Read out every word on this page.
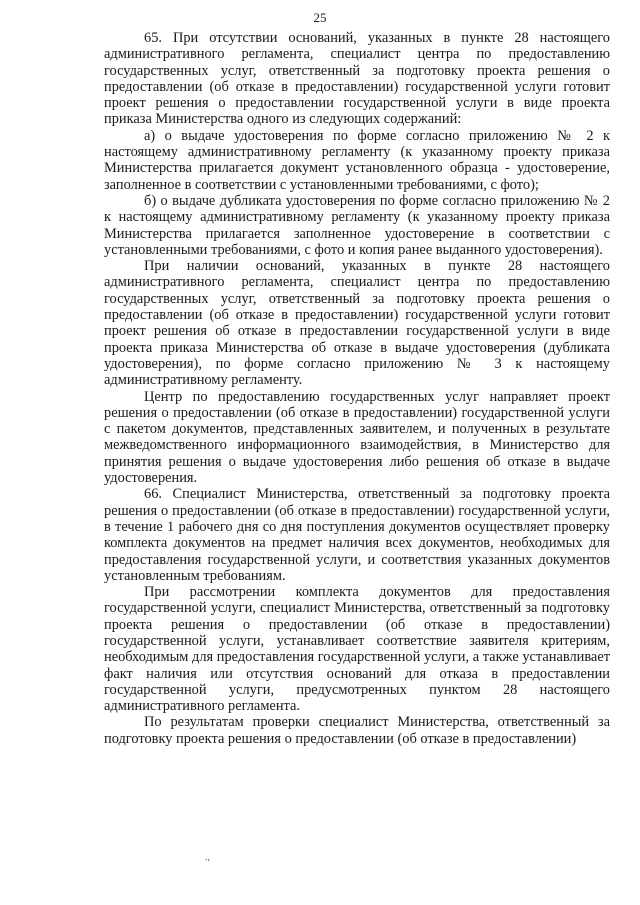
25

65. При отсутствии оснований, указанных в пункте 28 настоящего административного регламента, специалист центра по предоставлению государственных услуг, ответственный за подготовку проекта решения о предоставлении (об отказе в предоставлении) государственной услуги готовит проект решения о предоставлении государственной услуги в виде проекта приказа Министерства одного из следующих содержаний:

а) о выдаче удостоверения по форме согласно приложению № 2 к настоящему административному регламенту (к указанному проекту приказа Министерства прилагается документ установленного образца - удостоверение, заполненное в соответствии с установленными требованиями, с фото);

б) о выдаче дубликата удостоверения по форме согласно приложению № 2 к настоящему административному регламенту (к указанному проекту приказа Министерства прилагается заполненное удостоверение в соответствии с установленными требованиями, с фото и копия ранее выданного удостоверения).

При наличии оснований, указанных в пункте 28 настоящего административного регламента, специалист центра по предоставлению государственных услуг, ответственный за подготовку проекта решения о предоставлении (об отказе в предоставлении) государственной услуги готовит проект решения об отказе в предоставлении государственной услуги в виде проекта приказа Министерства об отказе в выдаче удостоверения (дубликата удостоверения), по форме согласно приложению № 3 к настоящему административному регламенту.

Центр по предоставлению государственных услуг направляет проект решения о предоставлении (об отказе в предоставлении) государственной услуги с пакетом документов, представленных заявителем, и полученных в результате межведомственного информационного взаимодействия, в Министерство для принятия решения о выдаче удостоверения либо решения об отказе в выдаче удостоверения.

66. Специалист Министерства, ответственный за подготовку проекта решения о предоставлении (об отказе в предоставлении) государственной услуги, в течение 1 рабочего дня со дня поступления документов осуществляет проверку комплекта документов на предмет наличия всех документов, необходимых для предоставления государственной услуги, и соответствия указанных документов установленным требованиям.

При рассмотрении комплекта документов для предоставления государственной услуги, специалист Министерства, ответственный за подготовку проекта решения о предоставлении (об отказе в предоставлении) государственной услуги, устанавливает соответствие заявителя критериям, необходимым для предоставления государственной услуги, а также устанавливает факт наличия или отсутствия оснований для отказа в предоставлении государственной услуги, предусмотренных пунктом 28 настоящего административного регламента.

По результатам проверки специалист Министерства, ответственный за подготовку проекта решения о предоставлении (об отказе в предоставлении)

.,
